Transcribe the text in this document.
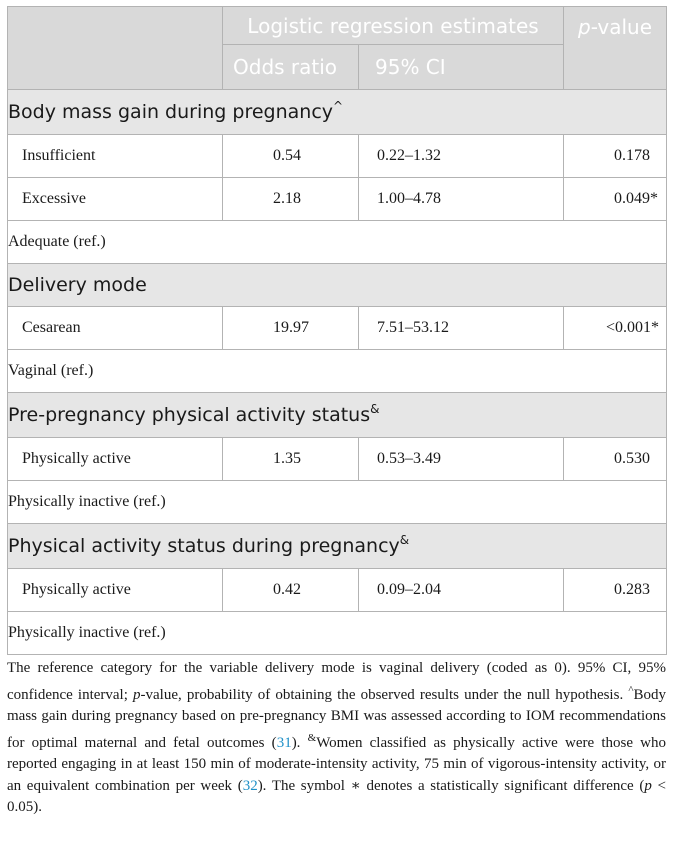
	Logistic regression estimates		p-value
	Odds ratio	95% CI	
Body mass gain during pregnancy^
Insufficient	0.54	0.22–1.32	0.178
Excessive	2.18	1.00–4.78	0.049*
Adequate (ref.)			
Delivery mode			
Cesarean	19.97	7.51–53.12	<0.001*
Vaginal (ref.)			
Pre-pregnancy physical activity status&
Physically active	1.35	0.53–3.49	0.530
Physically inactive (ref.)			
Physical activity status during pregnancy&
Physically active	0.42	0.09–2.04	0.283
Physically inactive (ref.)			
The reference category for the variable delivery mode is vaginal delivery (coded as 0). 95% CI, 95% confidence interval; p-value, probability of obtaining the observed results under the null hypothesis. ^Body mass gain during pregnancy based on pre-pregnancy BMI was assessed according to IOM recommendations for optimal maternal and fetal outcomes (31). &Women classified as physically active were those who reported engaging in at least 150 min of moderate-intensity activity, 75 min of vigorous-intensity activity, or an equivalent combination per week (32). The symbol ∗ denotes a statistically significant difference (p < 0.05).
